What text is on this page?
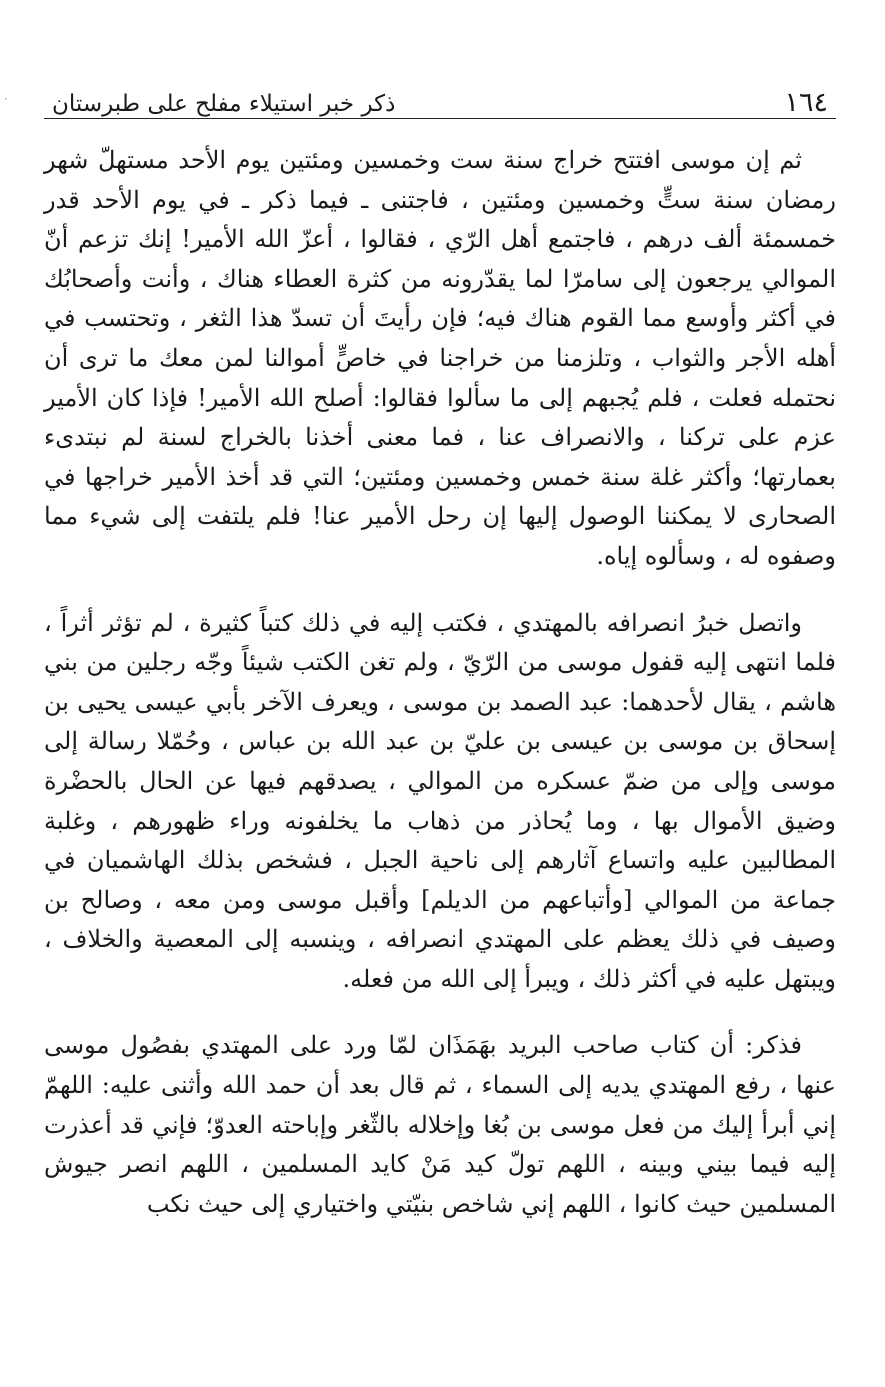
·	١٦٤
ذكر خبر استيلاء مفلح على طبرستان

ثم إن موسى افتتح خراج سنة ست وخمسين ومئتين يوم الأحد مستهلّ شهر رمضان سنة ستٍّ وخمسين ومئتين ، فاجتنى ـ فيما ذكر ـ في يوم الأحد قدر خمسمئة ألف درهم ، فاجتمع أهل الرّي ، فقالوا ، أعزّ الله الأمير! إنك تزعم أنّ الموالي يرجعون إلى سامرّا لما يقدّرونه من كثرة العطاء هناك ، وأنت وأصحابُك في أكثر وأوسع مما القوم هناك فيه؛ فإن رأيتَ أن تسدّ هذا الثغر ، وتحتسب في أهله الأجر والثواب ، وتلزمنا من خراجنا في خاصٍّ أموالنا لمن معك ما ترى أن نحتمله فعلت ، فلم يُجبهم إلى ما سألوا فقالوا: أصلح الله الأمير! فإذا كان الأمير عزم على تركنا ، والانصراف عنا ، فما معنى أخذنا بالخراج لسنة لم نبتدىء بعمارتها؛ وأكثر غلة سنة خمس وخمسين ومئتين؛ التي قد أخذ الأمير خراجها في الصحارى لا يمكننا الوصول إليها إن رحل الأمير عنا! فلم يلتفت إلى شيء مما وصفوه له ، وسألوه إياه.

واتصل خبرُ انصرافه بالمهتدي ، فكتب إليه في ذلك كتباً كثيرة ، لم تؤثر أثراً ، فلما انتهى إليه قفول موسى من الرّيّ ، ولم تغن الكتب شيئاً وجّه رجلين من بني هاشم ، يقال لأحدهما: عبد الصمد بن موسى ، ويعرف الآخر بأبي عيسى يحيى بن إسحاق بن موسى بن عيسى بن عليّ بن عبد الله بن عباس ، وحُمّلا رسالة إلى موسى وإلى من ضمّ عسكره من الموالي ، يصدقهم فيها عن الحال بالحضْرة وضيق الأموال بها ، وما يُحاذر من ذهاب ما يخلفونه وراء ظهورهم ، وغلبة المطالبين عليه واتساع آثارهم إلى ناحية الجبل ، فشخص بذلك الهاشميان في جماعة من الموالي [وأتباعهم من الديلم] وأقبل موسى ومن معه ، وصالح بن وصيف في ذلك يعظم على المهتدي انصرافه ، وينسبه إلى المعصية والخلاف ، ويبتهل عليه في أكثر ذلك ، ويبرأ إلى الله من فعله.

فذكر: أن كتاب صاحب البريد بهَمَذَان لمّا ورد على المهتدي بفصُول موسى عنها ، رفع المهتدي يديه إلى السماء ، ثم قال بعد أن حمد الله وأثنى عليه: اللهمّ إني أبرأ إليك من فعل موسى بن بُغا وإخلاله بالثّغر وإباحته العدوّ؛ فإني قد أعذرت إليه فيما بيني وبينه ، اللهم تولّ كيد مَنْ كايد المسلمين ، اللهم انصر جيوش المسلمين حيث كانوا ، اللهم إني شاخص بنيّتي واختياري إلى حيث نكب
